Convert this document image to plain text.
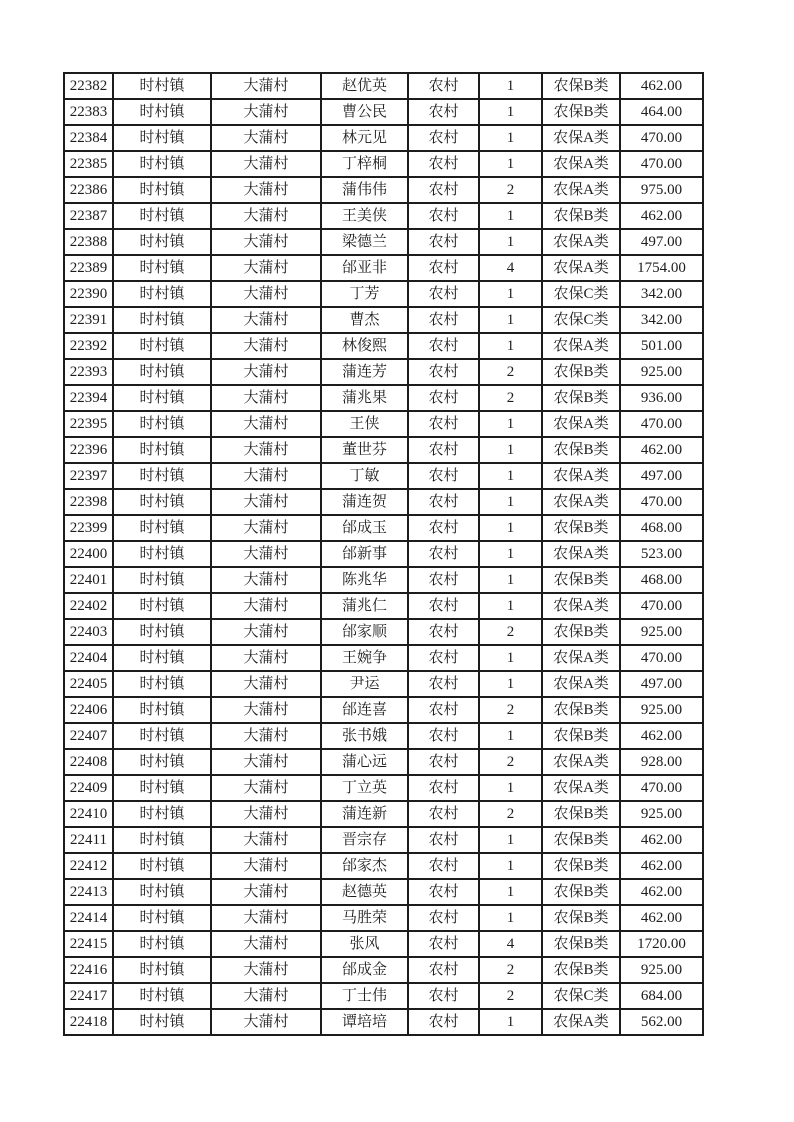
22382	时村镇	大蒲村	赵优英	农村	1	农保B类	462.00
22383	时村镇	大蒲村	曹公民	农村	1	农保B类	464.00
22384	时村镇	大蒲村	林元见	农村	1	农保A类	470.00
22385	时村镇	大蒲村	丁梓桐	农村	1	农保A类	470.00
22386	时村镇	大蒲村	蒲伟伟	农村	2	农保A类	975.00
22387	时村镇	大蒲村	王美侠	农村	1	农保B类	462.00
22388	时村镇	大蒲村	梁德兰	农村	1	农保A类	497.00
22389	时村镇	大蒲村	邰亚非	农村	4	农保A类	1754.00
22390	时村镇	大蒲村	丁芳	农村	1	农保C类	342.00
22391	时村镇	大蒲村	曹杰	农村	1	农保C类	342.00
22392	时村镇	大蒲村	林俊熙	农村	1	农保A类	501.00
22393	时村镇	大蒲村	蒲连芳	农村	2	农保B类	925.00
22394	时村镇	大蒲村	蒲兆果	农村	2	农保B类	936.00
22395	时村镇	大蒲村	王侠	农村	1	农保A类	470.00
22396	时村镇	大蒲村	董世芬	农村	1	农保B类	462.00
22397	时村镇	大蒲村	丁敏	农村	1	农保A类	497.00
22398	时村镇	大蒲村	蒲连贺	农村	1	农保A类	470.00
22399	时村镇	大蒲村	邰成玉	农村	1	农保B类	468.00
22400	时村镇	大蒲村	邰新事	农村	1	农保A类	523.00
22401	时村镇	大蒲村	陈兆华	农村	1	农保B类	468.00
22402	时村镇	大蒲村	蒲兆仁	农村	1	农保A类	470.00
22403	时村镇	大蒲村	邰家顺	农村	2	农保B类	925.00
22404	时村镇	大蒲村	王婉争	农村	1	农保A类	470.00
22405	时村镇	大蒲村	尹运	农村	1	农保A类	497.00
22406	时村镇	大蒲村	邰连喜	农村	2	农保B类	925.00
22407	时村镇	大蒲村	张书娥	农村	1	农保B类	462.00
22408	时村镇	大蒲村	蒲心远	农村	2	农保A类	928.00
22409	时村镇	大蒲村	丁立英	农村	1	农保A类	470.00
22410	时村镇	大蒲村	蒲连新	农村	2	农保B类	925.00
22411	时村镇	大蒲村	晋宗存	农村	1	农保B类	462.00
22412	时村镇	大蒲村	邰家杰	农村	1	农保B类	462.00
22413	时村镇	大蒲村	赵德英	农村	1	农保B类	462.00
22414	时村镇	大蒲村	马胜荣	农村	1	农保B类	462.00
22415	时村镇	大蒲村	张风	农村	4	农保B类	1720.00
22416	时村镇	大蒲村	邰成金	农村	2	农保B类	925.00
22417	时村镇	大蒲村	丁士伟	农村	2	农保C类	684.00
22418	时村镇	大蒲村	谭培培	农村	1	农保A类	562.00
